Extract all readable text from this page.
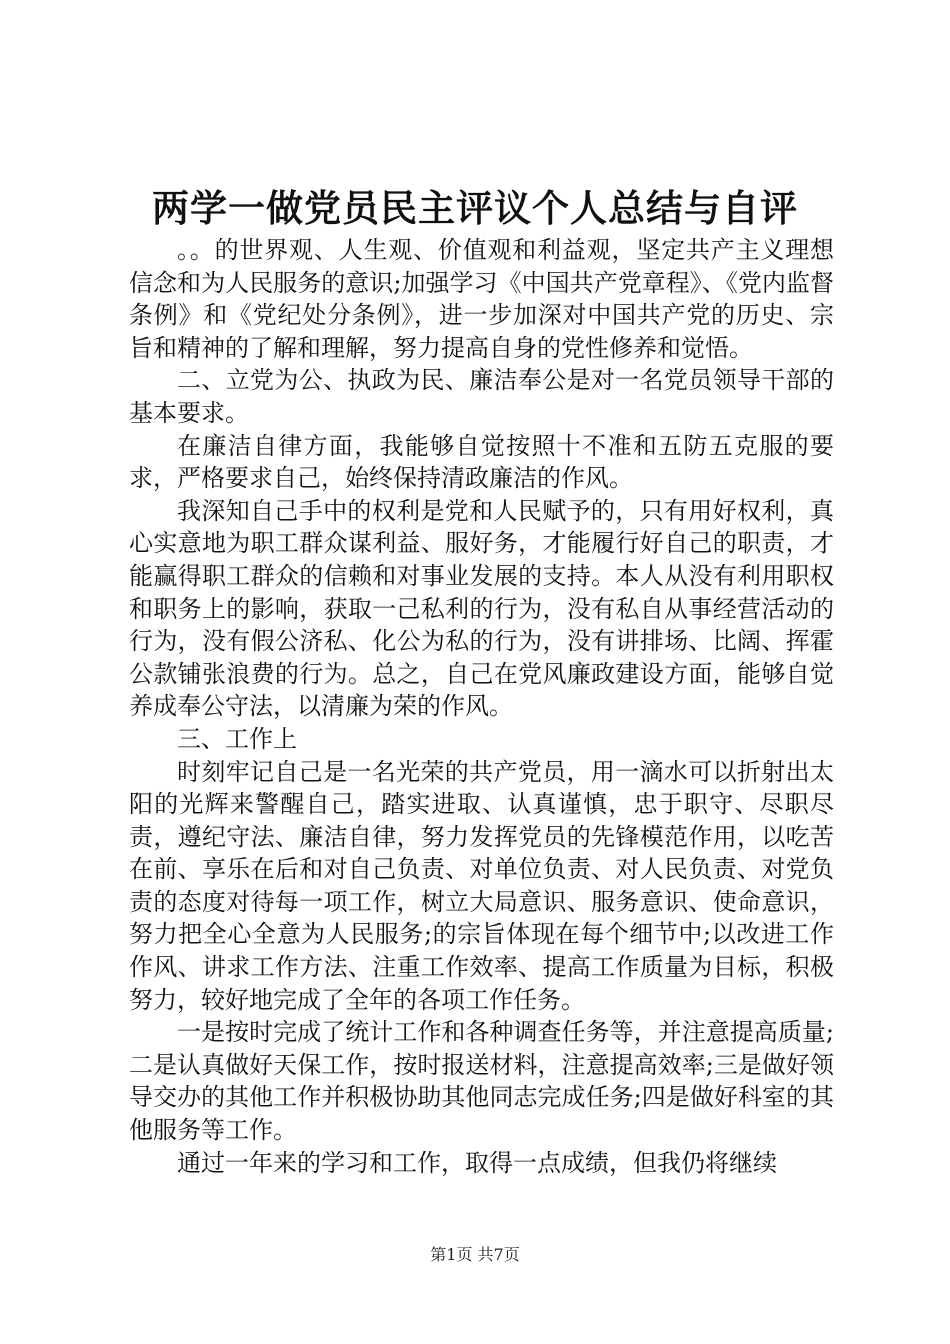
两学一做党员民主评议个人总结与自评

。。的世界观、人生观、价值观和利益观，坚定共产主义理想信念和为人民服务的意识;加强学习《中国共产党章程》、《党内监督条例》和《党纪处分条例》，进一步加深对中国共产党的历史、宗旨和精神的了解和理解，努力提高自身的党性修养和觉悟。

二、立党为公、执政为民、廉洁奉公是对一名党员领导干部的基本要求。

在廉洁自律方面，我能够自觉按照十不准和五防五克服的要求，严格要求自己，始终保持清政廉洁的作风。

我深知自己手中的权利是党和人民赋予的，只有用好权利，真心实意地为职工群众谋利益、服好务，才能履行好自己的职责，才能赢得职工群众的信赖和对事业发展的支持。本人从没有利用职权和职务上的影响，获取一己私利的行为，没有私自从事经营活动的行为，没有假公济私、化公为私的行为，没有讲排场、比阔、挥霍公款铺张浪费的行为。总之，自己在党风廉政建设方面，能够自觉养成奉公守法，以清廉为荣的作风。

三、工作上

时刻牢记自己是一名光荣的共产党员，用一滴水可以折射出太阳的光辉来警醒自己，踏实进取、认真谨慎，忠于职守、尽职尽责，遵纪守法、廉洁自律，努力发挥党员的先锋模范作用，以吃苦在前、享乐在后和对自己负责、对单位负责、对人民负责、对党负责的态度对待每一项工作，树立大局意识、服务意识、使命意识，努力把全心全意为人民服务;的宗旨体现在每个细节中;以改进工作作风、讲求工作方法、注重工作效率、提高工作质量为目标，积极努力，较好地完成了全年的各项工作任务。

一是按时完成了统计工作和各种调查任务等，并注意提高质量;二是认真做好天保工作，按时报送材料，注意提高效率;三是做好领导交办的其他工作并积极协助其他同志完成任务;四是做好科室的其他服务等工作。

通过一年来的学习和工作，取得一点成绩，但我仍将继续

第1页 共7页
